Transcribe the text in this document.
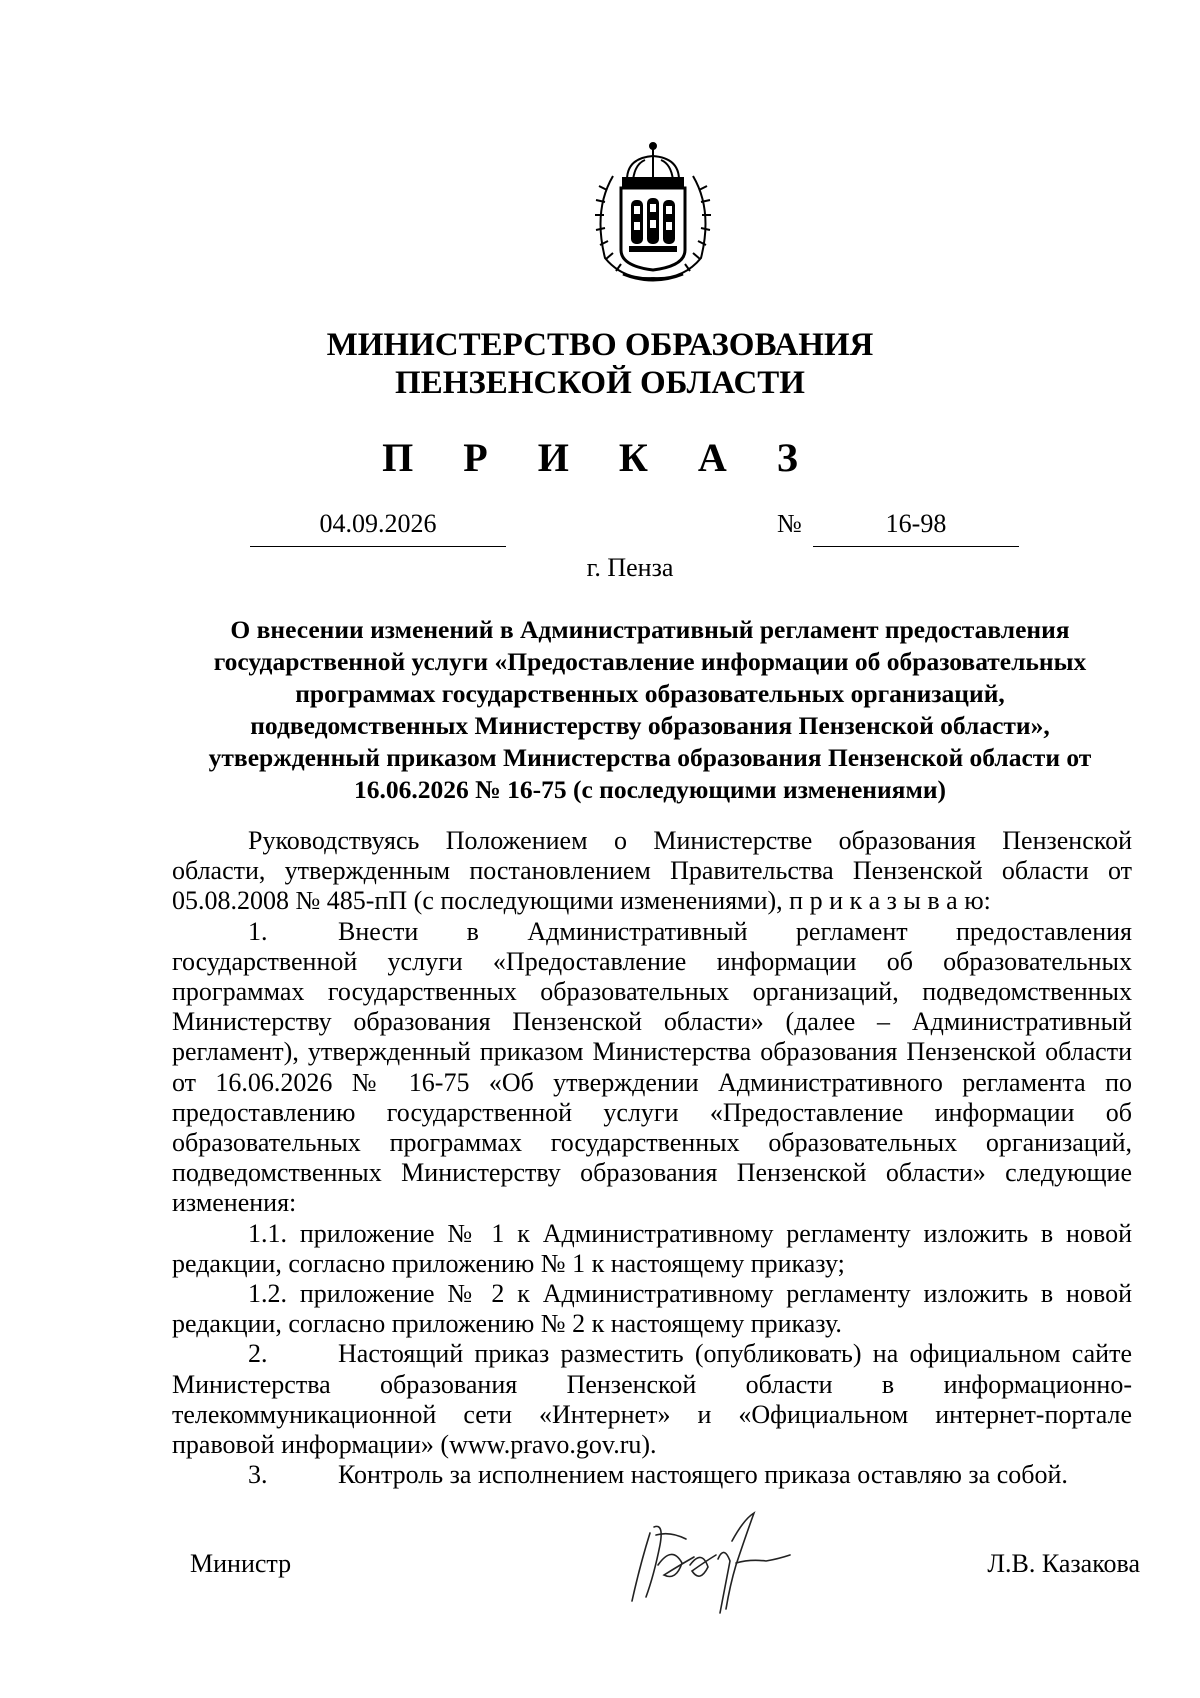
МИНИСТЕРСТВО ОБРАЗОВАНИЯ
ПЕНЗЕНСКОЙ ОБЛАСТИ
П Р И К А З
04.09.2026	№	16-98
г. Пенза
О внесении изменений в Административный регламент предоставления
государственной услуги «Предоставление информации об образовательных
программах государственных образовательных организаций,
подведомственных Министерству образования Пензенской области»,
утвержденный приказом Министерства образования Пензенской области от
16.06.2026 № 16-75 (с последующими изменениями)

Руководствуясь Положением о Министерстве образования Пензенской области, утвержденным постановлением Правительства Пензенской области от 05.08.2008 № 485-пП (с последующими изменениями), п р и к а з ы в а ю:

1.	Внести в Административный регламент предоставления государственной услуги «Предоставление информации об образовательных программах государственных образовательных организаций, подведомственных Министерству образования Пензенской области» (далее – Административный регламент), утвержденный приказом Министерства образования Пензенской области от 16.06.2026 № 16-75 «Об утверждении Административного регламента по предоставлению государственной услуги «Предоставление информации об образовательных программах государственных образовательных организаций, подведомственных Министерству образования Пензенской области» следующие изменения:

1.1. приложение № 1 к Административному регламенту изложить в новой редакции, согласно приложению № 1 к настоящему приказу;

1.2. приложение № 2 к Административному регламенту изложить в новой редакции, согласно приложению № 2 к настоящему приказу.

2.	Настоящий приказ разместить (опубликовать) на официальном сайте Министерства образования Пензенской области в информационно-телекоммуникационной сети «Интернет» и «Официальном интернет-портале правовой информации» (www.pravo.gov.ru).

3.	Контроль за исполнением настоящего приказа оставляю за собой.

Министр	Л.В. Казакова
